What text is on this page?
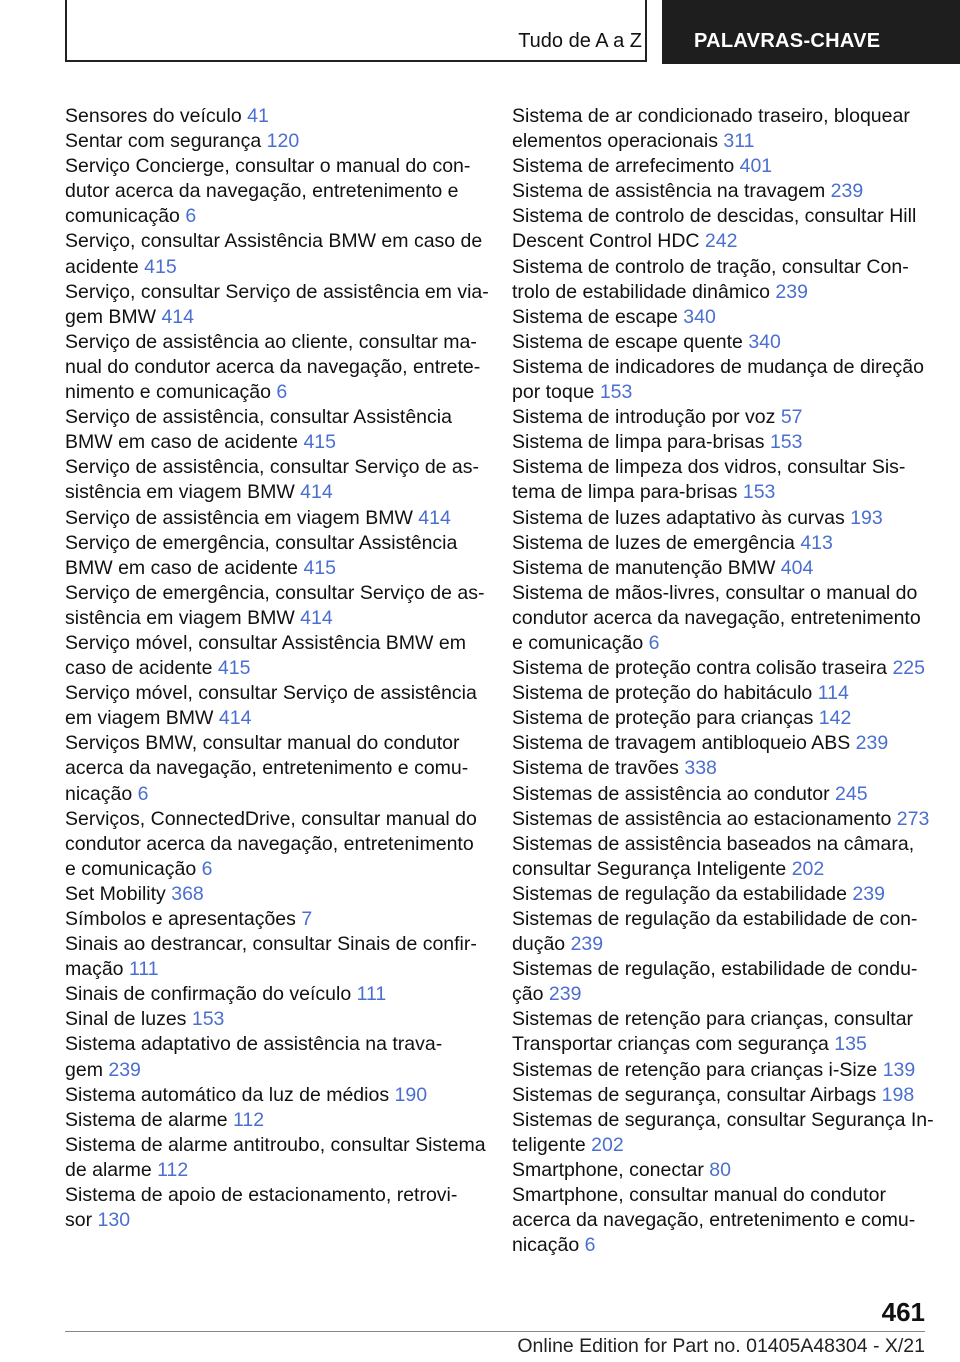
Tudo de A a Z	PALAVRAS-CHAVE
Sensores do veículo 41
Sentar com segurança 120
Serviço Concierge, consultar o manual do con-
dutor acerca da navegação, entretenimento e
comunicação 6
Serviço, consultar Assistência BMW em caso de
acidente 415
Serviço, consultar Serviço de assistência em via-
gem BMW 414
Serviço de assistência ao cliente, consultar ma-
nual do condutor acerca da navegação, entrete-
nimento e comunicação 6
Serviço de assistência, consultar Assistência
BMW em caso de acidente 415
Serviço de assistência, consultar Serviço de as-
sistência em viagem BMW 414
Serviço de assistência em viagem BMW 414
Serviço de emergência, consultar Assistência
BMW em caso de acidente 415
Serviço de emergência, consultar Serviço de as-
sistência em viagem BMW 414
Serviço móvel, consultar Assistência BMW em
caso de acidente 415
Serviço móvel, consultar Serviço de assistência
em viagem BMW 414
Serviços BMW, consultar manual do condutor
acerca da navegação, entretenimento e comu-
nicação 6
Serviços, ConnectedDrive, consultar manual do
condutor acerca da navegação, entretenimento
e comunicação 6
Set Mobility 368
Símbolos e apresentações 7
Sinais ao destrancar, consultar Sinais de confir-
mação 111
Sinais de confirmação do veículo 111
Sinal de luzes 153
Sistema adaptativo de assistência na trava-
gem 239
Sistema automático da luz de médios 190
Sistema de alarme 112
Sistema de alarme antitroubo, consultar Sistema
de alarme 112
Sistema de apoio de estacionamento, retrovi-
sor 130
Sistema de ar condicionado traseiro, bloquear
elementos operacionais 311
Sistema de arrefecimento 401
Sistema de assistência na travagem 239
Sistema de controlo de descidas, consultar Hill
Descent Control HDC 242
Sistema de controlo de tração, consultar Con-
trolo de estabilidade dinâmico 239
Sistema de escape 340
Sistema de escape quente 340
Sistema de indicadores de mudança de direção
por toque 153
Sistema de introdução por voz 57
Sistema de limpa para-brisas 153
Sistema de limpeza dos vidros, consultar Sis-
tema de limpa para-brisas 153
Sistema de luzes adaptativo às curvas 193
Sistema de luzes de emergência 413
Sistema de manutenção BMW 404
Sistema de mãos-livres, consultar o manual do
condutor acerca da navegação, entretenimento
e comunicação 6
Sistema de proteção contra colisão traseira 225
Sistema de proteção do habitáculo 114
Sistema de proteção para crianças 142
Sistema de travagem antibloqueio ABS 239
Sistema de travões 338
Sistemas de assistência ao condutor 245
Sistemas de assistência ao estacionamento 273
Sistemas de assistência baseados na câmara,
consultar Segurança Inteligente 202
Sistemas de regulação da estabilidade 239
Sistemas de regulação da estabilidade de con-
dução 239
Sistemas de regulação, estabilidade de condu-
ção 239
Sistemas de retenção para crianças, consultar
Transportar crianças com segurança 135
Sistemas de retenção para crianças i-Size 139
Sistemas de segurança, consultar Airbags 198
Sistemas de segurança, consultar Segurança In-
teligente 202
Smartphone, conectar 80
Smartphone, consultar manual do condutor
acerca da navegação, entretenimento e comu-
nicação 6
461
Online Edition for Part no. 01405A48304 - X/21
